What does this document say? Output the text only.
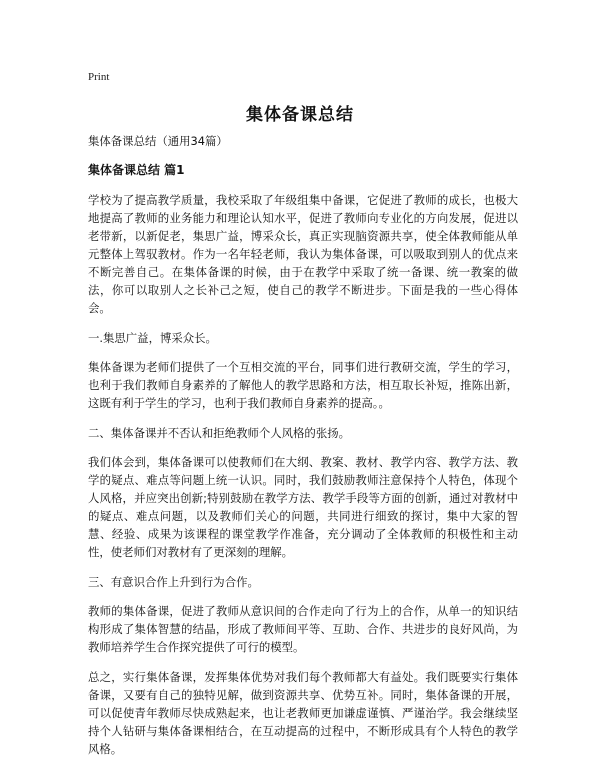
Print
集体备课总结

集体备课总结（通用34篇）

集体备课总结 篇1

学校为了提高教学质量，我校采取了年级组集中备课，它促进了教师的成长，也极大地提高了教师的业务能力和理论认知水平，促进了教师向专业化的方向发展，促进以老带新，以新促老，集思广益，博采众长，真正实现脑资源共享，使全体教师能从单元整体上驾驭教材。作为一名年轻老师，我认为集体备课，可以吸取到别人的优点来不断完善自己。在集体备课的时候，由于在教学中采取了统一备课、统一教案的做法，你可以取别人之长补己之短，使自己的教学不断进步。下面是我的一些心得体会。

一.集思广益，博采众长。

集体备课为老师们提供了一个互相交流的平台，同事们进行教研交流，学生的学习，也利于我们教师自身素养的了解他人的教学思路和方法，相互取长补短，推陈出新，这既有利于学生的学习，也利于我们教师自身素养的提高。。

二、集体备课并不否认和拒绝教师个人风格的张扬。

我们体会到，集体备课可以使教师们在大纲、教案、教材、教学内容、教学方法、教学的疑点、难点等问题上统一认识。同时，我们鼓励教师注意保持个人特色，体现个人风格，并应突出创新;特别鼓励在教学方法、教学手段等方面的创新，通过对教材中的疑点、难点问题，以及教师们关心的问题，共同进行细致的探讨，集中大家的智慧、经验、成果为该课程的课堂教学作准备，充分调动了全体教师的积极性和主动性，使老师们对教材有了更深刻的理解。

三、有意识合作上升到行为合作。

教师的集体备课，促进了教师从意识间的合作走向了行为上的合作，从单一的知识结构形成了集体智慧的结晶，形成了教师间平等、互助、合作、共进步的良好风尚，为教师培养学生合作探究提供了可行的模型。

总之，实行集体备课，发挥集体优势对我们每个教师都大有益处。我们既要实行集体备课，又要有自己的独特见解，做到资源共享、优势互补。同时，集体备课的开展，可以促使青年教师尽快成熟起来，也让老教师更加谦虚谨慎、严谨治学。我会继续坚持个人钻研与集体备课相结合，在互动提高的过程中，不断形成具有个人特色的教学风格。
